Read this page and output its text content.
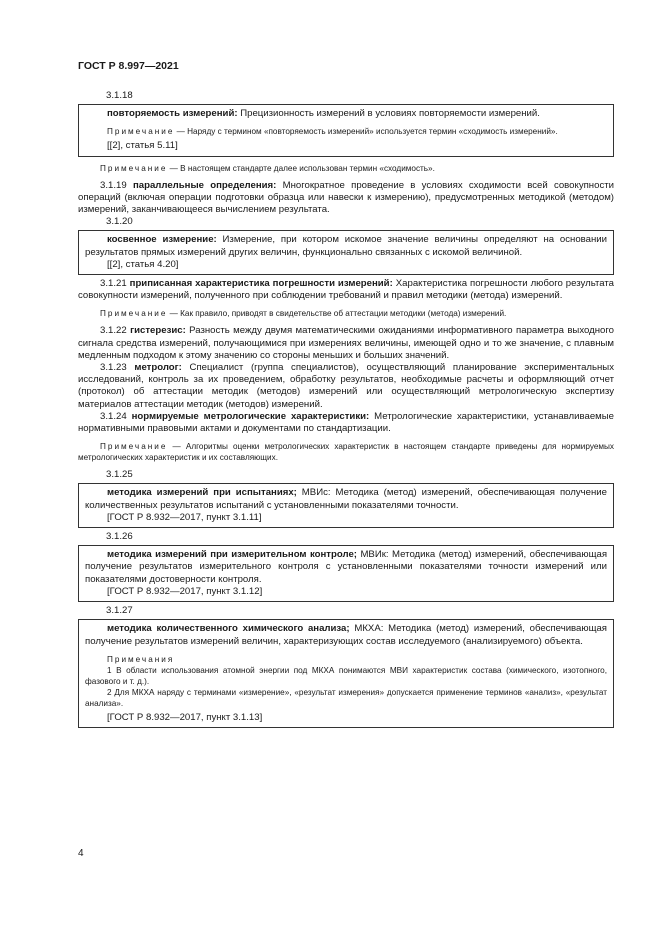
ГОСТ Р 8.997—2021
3.1.18

повторяемость измерений: Прецизионность измерений в условиях повторяемости измерений.

Примечание — Наряду с термином «повторяемость измерений» используется термин «сходимость измерений».

[[2], статья 5.11]

Примечание — В настоящем стандарте далее использован термин «сходимость».

3.1.19 параллельные определения: Многократное проведение в условиях сходимости всей совокупности операций (включая операции подготовки образца или навески к измерению), предусмотренных методикой (методом) измерений, заканчивающееся вычислением результата.

3.1.20

косвенное измерение: Измерение, при котором искомое значение величины определяют на основании результатов прямых измерений других величин, функционально связанных с искомой величиной.

[[2], статья 4.20]

3.1.21 приписанная характеристика погрешности измерений: Характеристика погрешности любого результата совокупности измерений, полученного при соблюдении требований и правил методики (метода) измерений.

Примечание — Как правило, приводят в свидетельстве об аттестации методики (метода) измерений.

3.1.22 гистерезис: Разность между двумя математическими ожиданиями информативного параметра выходного сигнала средства измерений, получающимися при измерениях величины, имеющей одно и то же значение, с плавным медленным подходом к этому значению со стороны меньших и больших значений.

3.1.23 метролог: Специалист (группа специалистов), осуществляющий планирование экспериментальных исследований, контроль за их проведением, обработку результатов, необходимые расчеты и оформляющий отчет (протокол) об аттестации методик (методов) измерений или осуществляющий метрологическую экспертизу материалов аттестации методик (методов) измерений.

3.1.24 нормируемые метрологические характеристики: Метрологические характеристики, устанавливаемые нормативными правовыми актами и документами по стандартизации.

Примечание — Алгоритмы оценки метрологических характеристик в настоящем стандарте приведены для нормируемых метрологических характеристик и их составляющих.

3.1.25

методика измерений при испытаниях; МВИс: Методика (метод) измерений, обеспечивающая получение количественных результатов испытаний с установленными показателями точности.

[ГОСТ Р 8.932—2017, пункт 3.1.11]

3.1.26

методика измерений при измерительном контроле; МВИк: Методика (метод) измерений, обеспечивающая получение результатов измерительного контроля с установленными показателями точности измерений или показателями достоверности контроля.

[ГОСТ Р 8.932—2017, пункт 3.1.12]

3.1.27

методика количественного химического анализа; МКХА: Методика (метод) измерений, обеспечивающая получение результатов измерений величин, характеризующих состав исследуемого (анализируемого) объекта.

Примечания

1 В области использования атомной энергии под МКХА понимаются МВИ характеристик состава (химического, изотопного, фазового и т. д.).

2 Для МКХА наряду с терминами «измерение», «результат измерения» допускается применение терминов «анализ», «результат анализа».

[ГОСТ Р 8.932—2017, пункт 3.1.13]

4
